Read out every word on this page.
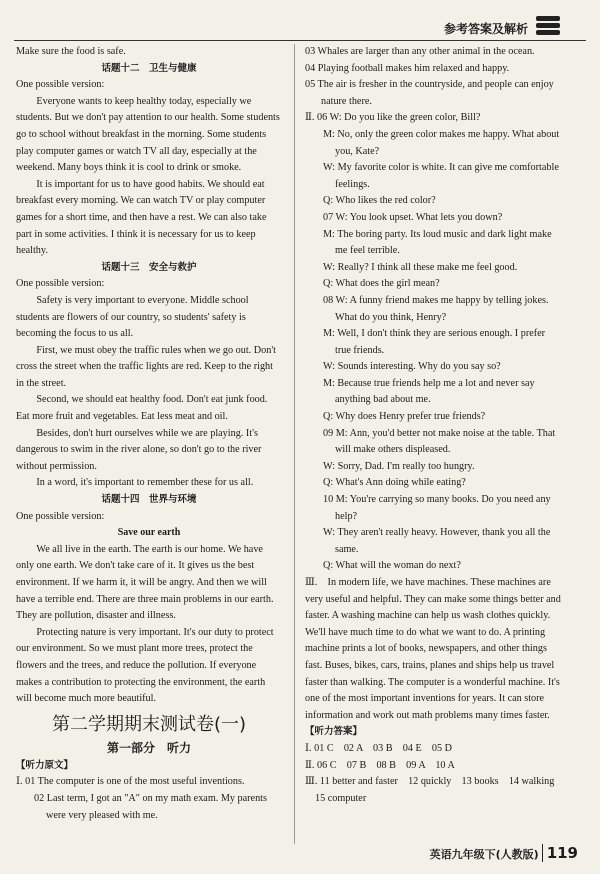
参考答案及解析

Make sure the food is safe.

话题十二　卫生与健康

One possible version:

Everyone wants to keep healthy today, especially we students. But we don't pay attention to our health. Some students go to school without breakfast in the morning. Some students play computer games or watch TV all day, especially at the weekend. Many boys think it is cool to drink or smoke.

It is important for us to have good habits. We should eat breakfast every morning. We can watch TV or play computer games for a short time, and then have a rest. We can also take part in some activities. I think it is necessary for us to keep healthy.

话题十三　安全与救护

One possible version:

Safety is very important to everyone. Middle school students are flowers of our country, so students' safety is becoming the focus to us all.

First, we must obey the traffic rules when we go out. Don't cross the street when the traffic lights are red. Keep to the right in the street.

Second, we should eat healthy food. Don't eat junk food. Eat more fruit and vegetables. Eat less meat and oil.

Besides, don't hurt ourselves while we are playing. It's dangerous to swim in the river alone, so don't go to the river without permission.

In a word, it's important to remember these for us all.

话题十四　世界与环境

One possible version:

Save our earth

We all live in the earth. The earth is our home. We have only one earth. We don't take care of it. It gives us the best environment. If we harm it, it will be angry. And then we will have a terrible end. There are three main problems in our earth. They are pollution, disaster and illness.

Protecting nature is very important. It's our duty to protect our environment. So we must plant more trees, protect the flowers and the trees, and reduce the pollution. If everyone makes a contribution to protecting the environment, the earth will become much more beautiful.

第二学期期末测试卷(一)

第一部分　听力

【听力原文】

Ⅰ. 01 The computer is one of the most useful inventions.

02 Last term, I got an "A" on my math exam. My parents were very pleased with me.

03 Whales are larger than any other animal in the ocean.

04 Playing football makes him relaxed and happy.

05 The air is fresher in the countryside, and people can enjoy nature there.

Ⅱ. 06 W: Do you like the green color, Bill?

M: No, only the green color makes me happy. What about you, Kate?

W: My favorite color is white. It can give me comfortable feelings.

Q: Who likes the red color?

07 W: You look upset. What lets you down?

M: The boring party. Its loud music and dark light make me feel terrible.

W: Really? I think all these make me feel good.

Q: What does the girl mean?

08 W: A funny friend makes me happy by telling jokes. What do you think, Henry?

M: Well, I don't think they are serious enough. I prefer true friends.

W: Sounds interesting. Why do you say so?

M: Because true friends help me a lot and never say anything bad about me.

Q: Why does Henry prefer true friends?

09 M: Ann, you'd better not make noise at the table. That will make others displeased.

W: Sorry, Dad. I'm really too hungry.

Q: What's Ann doing while eating?

10 M: You're carrying so many books. Do you need any help?

W: They aren't really heavy. However, thank you all the same.

Q: What will the woman do next?

Ⅲ.　In modern life, we have machines. These machines are very useful and helpful. They can make some things better and faster. A washing machine can help us wash clothes quickly. We'll have much time to do what we want to do. A printing machine prints a lot of books, newspapers, and other things fast. Buses, bikes, cars, trains, planes and ships help us travel faster than walking. The computer is a wonderful machine. It's one of the most important inventions for years. It can store information and work out math problems many times faster.

【听力答案】

Ⅰ. 01 C　02 A　03 B　04 E　05 D

Ⅱ. 06 C　07 B　08 B　09 A　10 A

Ⅲ. 11 better and faster　12 quickly　13 books　14 walking

15 computer

英语九年级下(人教版) 119
